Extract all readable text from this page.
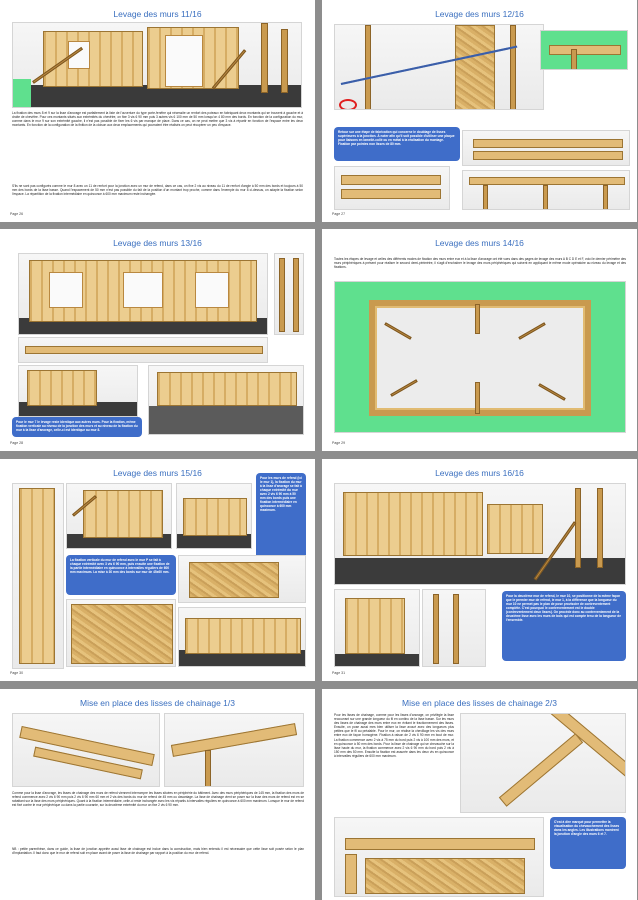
Levage des murs 11/16
La fixation des murs 8 et 9 sur la lisse d'ancrage est parfaitement la liste de l'ouverture du type porte-fenêtre qui nécessite un renfort des poteaux en fabriquant deux montants qui se trouvent à gauche et à droite de chevêtre. Pour ces montants situés aux extrémités du chevêtre, on fixe 3 vis 6 90 mm puis 3 autres vis 6 100 mm de 50 mm lorsqu'on 4 80 mm des bords. En fonction de la configuration du mur, comme dans le mur 9 sur son extrémité gauche, il n'est pas possible de fixer les 6 vis par manque de place. Dans ce cas, on ne peut mettre que 3 vis à répartir en fonction de l'espace entre les deux montants. En fonction de la configuration de la finition de la cloison aux deux emplacements qui pourraient être réalisés on peut récupérer un peu d'espace.
S'ils ne sont pas configurés comme le mur 8 avec un 11 de renfort pour la jonction avec un mur de refend, dans ce cas, on fixe 2 vis au niveau du 11 de renfort d'angle à 50 mm des bords et toujours à 50 mm des bords de la lisse basse. Quand l'espacement de 50 mm n'est pas possible du fait de la position d'un montant trop proche, comme dans l'exemple du mur 8 ci-dessus, on adapte la fixation selon l'espace. La répartition de la fixation intermédiaire en quinconce à 600 mm maximum reste inchangée.
Page 26
Levage des murs 12/16
Retour sur une étape de fabrication qui concerne le doublage de lisses supérieures à la jonction. À noter afin qu'il soit possible d'utiliser une plaque pour liaisons en lamellé-collé ou en métal à la réalisation du montage. Fixation par pointes non lisses de 80 mm.
Page 27
Levage des murs 13/16
Pour le mur 7 le levage reste identique aux autres murs. Pour la fixation, même fixation verticale au niveau de la jonction des murs et au niveau de la fixation du mur à la lisse d'ancrage, celle-ci est identique au mur 8.
Page 28
Levage des murs 14/16
Toutes les étapes de levage et celles des différents modes de fixation des murs entre eux et à la lisse d'ancrage ont été vues dans des pages de levage des murs A B C D E et F, voici le dernier périmètre des murs périphériques à présent pour réaliser le second demi-périmètre, il s'agit d'enchaîner le levage des murs périphériques qui suivent en appliquant le même mode opératoire au niveau du levage et des fixations.
Page 29
Levage des murs 15/16	Pour les murs de refend (ici le mur 1), la fixation du mur à la lisse d'ancrage se fait à chaque extrémité du mur avec 2 vis 6 90 mm à 50 mm des bords puis une fixation intermédiaire en quinconce à 600 mm maximum.
La fixation verticale du mur de refend avec le mur P se fait à chaque extrémité avec 3 vis 6 90 mm, puis ensuite une fixation de la partie intermédiaire en quinconce à intervalles réguliers de 600 mm maximum. La mise à 30 mm des bords sur mur de 45x60 mm.
Page 30
Levage des murs 16/16
Pour la deuxième mur de refend, le mur 10, se positionne de la même façon que le premier mur de refend, le mur 1, à la différence que la longueur du mur 10 ne permet pas le plan de pose provisoire de contreventement complète. C'est pourquoi le contreventement est le double (contreventement deux lisses). On procède donc au contreventement de la deuxième lisse avec les murs de bois qui est compte tenu de la longueur de l'ensemble.
Page 31
Mise en place des lisses de chainage 1/3
Comme pour la lisse d'ancrage, les lisses de chainage des murs de refend viennent interrompre les lisses situées en périphérie du bâtiment. Avec des murs périphériques de 145 mm, la fixation des murs de refend commence avec 2 vis 6 90 mm puis 2 vis 6 90 mm 60 mm et 2 vis des bords du mur de refend de 45 mm ou davantage. La lisse de chainage vient se poser sur la lisse des murs de refend est en se rabattant sur la lisse des murs périphériques. Quant à la fixation intermédiaire, celle-ci reste inchangée avec les vis répartis à intervalles réguliers en quinconce à 600 mm maximum. Lorsque le mur de refend est fixé contre le mur périphérique ou dans la partie courante, sur la deuxième extrémité du mur on fixe 2 vis 6 90 mm.
NB : petite parenthèse, dans ce guide, la lisse de jonction appelée aussi lisse de chainage est inclue dans la construction, mais bien entendu il est nécessaire que cette lisse soit posée selon le plan d'implantation. Il faut donc que le mur de refend soit en place avant de poser la lisse de chainage par rapport à la position du mur de refend.
Mise en place des lisses de chainage 2/3
Pour les lisses de chainage, comme pour les lisses d'ancrage, on privilégie la lisse recouvrant sur une grande longueur du fil en continu de la lisse basse. Sur les murs des lisses de chainage des murs entre eux en évitant le fractionnement des lisses. Ensuite, on pose aussi mes bien utiliser la lisse avoué avec des longueurs plus petites que le fil au préalable. Pour le mur, on réalise la chevillage les vis des murs entre eux de façon homogène. Fixation à raison de 2 vis 6 90 mm en bout de mur. La fixation commence avec 2 vis à 75 mm du bord puis 2 vis à 100 mm des murs, et en quinconce à 50 mm des bords. Pour la lisse de chainage qui se chevauche sur la lisse haute du mur, la fixation commence avec 2 vis 6 90 mm du bord puis 2 vis à 150 mm des 50 mm. Ensuite la fixation est assurée dans les deux vis en quinconce à intervalles réguliers de 600 mm maximum.
C'est à dire marqué pour permettre la visualisation du chevauchement des lisses dans les angles. Les illustrations montrent la jonction d'angle des murs 6 et 7.
